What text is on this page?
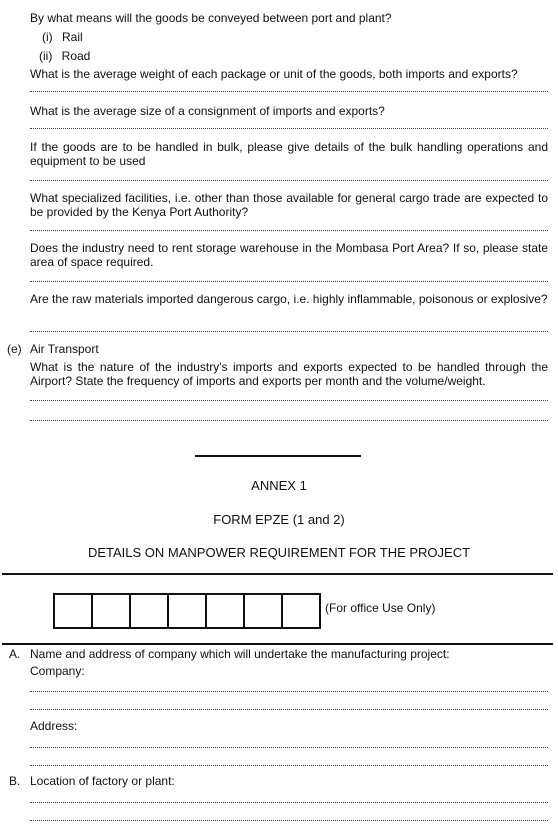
By what means will the goods be conveyed between port and plant?
(i) Rail
(ii) Road
What is the average weight of each package or unit of the goods, both imports and exports?
What is the average size of a consignment of imports and exports?
If the goods are to be handled in bulk, please give details of the bulk handling operations and equipment to be used
What specialized facilities, i.e. other than those available for general cargo trade are expected to be provided by the Kenya Port Authority?
Does the industry need to rent storage warehouse in the Mombasa Port Area? If so, please state area of space required.
Are the raw materials imported dangerous cargo, i.e. highly inflammable, poisonous or explosive?
(e) Air Transport
What is the nature of the industry's imports and exports expected to be handled through the Airport? State the frequency of imports and exports per month and the volume/weight.
ANNEX 1
FORM EPZE (1 and 2)
DETAILS ON MANPOWER REQUIREMENT FOR THE PROJECT
(For office Use Only)
A. Name and address of company which will undertake the manufacturing project:
Company:
Address:
B. Location of factory or plant:
